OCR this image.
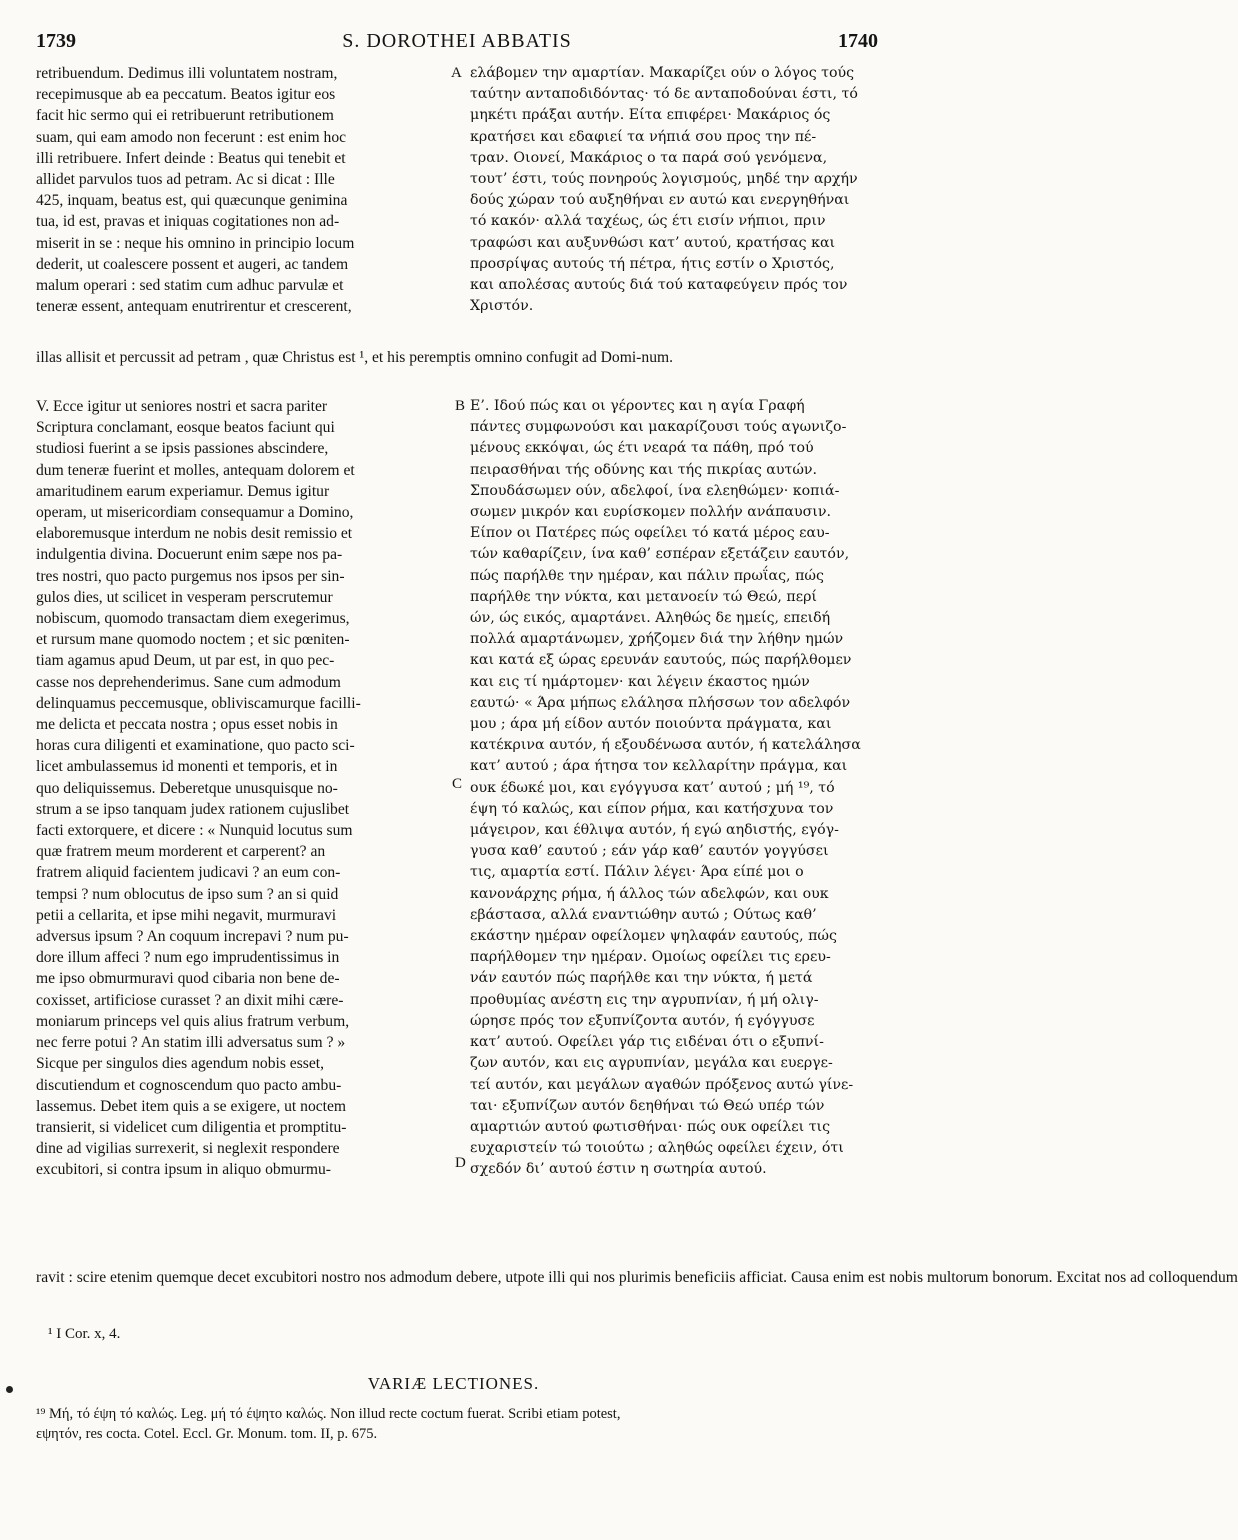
1739	S. DOROTHEI ABBATIS	1740
retribuendum. Dedimus illi voluntatem nostram,
recepimusque ab ea peccatum. Beatos igitur eos
facit hic sermo qui ei retribuerunt retributionem
suam, qui eam amodo non fecerunt : est enim hoc
illi retribuere. Infert deinde : Beatus qui tenebit et
allidet parvulos tuos ad petram. Ac si dicat : Ille
425, inquam, beatus est, qui quæcunque genimina
tua, id est, pravas et iniquas cogitationes non ad-
miserit in se : neque his omnino in principio locum
dederit, ut coalescere possent et augeri, ac tandem
malum operari : sed statim cum adhuc parvulæ et
teneræ essent, antequam enutrirentur et crescerent,
ελάβομεν την αμαρτίαν. Μακαρίζει ούν ο λόγος τούς
ταύτην ανταποδιδόντας· τό δε ανταποδούναι έστι, τό
μηκέτι πράξαι αυτήν. Είτα επιφέρει· Μακάριος ός
κρατήσει και εδαφιεί τα νήπιά σου προς την πέ-
τραν. Οιονεί, Μακάριος ο τα παρά σού γενόμενα,
τουτ’ έστι, τούς πονηρούς λογισμούς, μηδέ την αρχήν
δούς χώραν τού αυξηθήναι εν αυτώ και ενεργηθήναι
τό κακόν· αλλά ταχέως, ώς έτι εισίν νήπιοι, πριν
τραφώσι και αυξυνθώσι κατ’ αυτού, κρατήσας και
προσρίψας αυτούς τή πέτρα, ήτις εστίν ο Χριστός,
και απολέσας αυτούς διά τού καταφεύγειν πρός τον
Χριστόν.
A
illas allisit et percussit ad petram , quæ Christus est ¹, et his peremptis omnino confugit ad Domi-num.
V. Ecce igitur ut seniores nostri et sacra pariter
Scriptura conclamant, eosque beatos faciunt qui
studiosi fuerint a se ipsis passiones abscindere,
dum teneræ fuerint et molles, antequam dolorem et
amaritudinem earum experiamur. Demus igitur
operam, ut misericordiam consequamur a Domino,
elaboremusque interdum ne nobis desit remissio et
indulgentia divina. Docuerunt enim sæpe nos pa-
tres nostri, quo pacto purgemus nos ipsos per sin-
gulos dies, ut scilicet in vesperam perscrutemur
nobiscum, quomodo transactam diem exegerimus,
et rursum mane quomodo noctem ; et sic pœniten-
tiam agamus apud Deum, ut par est, in quo pec-
casse nos deprehenderimus. Sane cum admodum
delinquamus peccemusque, obliviscamurque facilli-
me delicta et peccata nostra ; opus esset nobis in
horas cura diligenti et examinatione, quo pacto sci-
licet ambulassemus id monenti et temporis, et in
quo deliquissemus. Deberetque unusquisque no-
strum a se ipso tanquam judex rationem cujuslibet
facti extorquere, et dicere : « Nunquid locutus sum
quæ fratrem meum morderent et carperent? an
fratrem aliquid facientem judicavi ? an eum con-
tempsi ? num oblocutus de ipso sum ? an si quid
petii a cellarita, et ipse mihi negavit, murmuravi
adversus ipsum ? An coquum increpavi ? num pu-
dore illum affeci ? num ego imprudentissimus in
me ipso obmurmuravi quod cibaria non bene de-
coxisset, artificiose curasset ? an dixit mihi cære-
moniarum princeps vel quis alius fratrum verbum,
nec ferre potui ? An statim illi adversatus sum ? »
Sicque per singulos dies agendum nobis esset,
discutiendum et cognoscendum quo pacto ambu-
lassemus. Debet item quis a se exigere, ut noctem
transierit, si videlicet cum diligentia et promptitu-
dine ad vigilias surrexerit, si neglexit respondere
excubitori, si contra ipsum in aliquo obmurmu-
Ε’. Ιδού πώς και οι γέροντες και η αγία Γραφή
πάντες συμφωνούσι και μακαρίζουσι τούς αγωνιζο-
μένους εκκόψαι, ώς έτι νεαρά τα πάθη, πρό τού
πειρασθήναι τής οδύνης και τής πικρίας αυτών.
Σπουδάσωμεν ούν, αδελφοί, ίνα ελεηθώμεν· κοπιά-
σωμεν μικρόν και ευρίσκομεν πολλήν ανάπαυσιν.
Είπον οι Πατέρες πώς οφείλει τό κατά μέρος εαυ-
τών καθαρίζειν, ίνα καθ’ εσπέραν εξετάζειν εαυτόν,
πώς παρήλθε την ημέραν, και πάλιν πρωΐας, πώς
παρήλθε την νύκτα, και μετανοείν τώ Θεώ, περί
ών, ώς εικός, αμαρτάνει. Αληθώς δε ημείς, επειδή
πολλά αμαρτάνωμεν, χρήζομεν διά την λήθην ημών
και κατά εξ ώρας ερευνάν εαυτούς, πώς παρήλθομεν
και εις τί ημάρτομεν· και λέγειν έκαστος ημών
εαυτώ· « Άρα μήπως ελάλησα πλήσσων τον αδελφόν
μου ; άρα μή είδον αυτόν ποιούντα πράγματα, και
κατέκρινα αυτόν, ή εξουδένωσα αυτόν, ή κατελάλησα
κατ’ αυτού ; άρα ήτησα τον κελλαρίτην πράγμα, και
ουκ έδωκέ μοι, και εγόγγυσα κατ’ αυτού ; μή ¹⁹, τό
έψη τό καλώς, και είπον ρήμα, και κατήσχυνα τον
μάγειρον, και έθλιψα αυτόν, ή εγώ αηδιστής, εγόγ-
γυσα καθ’ εαυτού ; εάν γάρ καθ’ εαυτόν γογγύσει
τις, αμαρτία εστί. Πάλιν λέγει· Άρα είπέ μοι ο
κανονάρχης ρήμα, ή άλλος τών αδελφών, και ουκ
εβάστασα, αλλά εναντιώθην αυτώ ; Ούτως καθ’
εκάστην ημέραν οφείλομεν ψηλαφάν εαυτούς, πώς
παρήλθομεν την ημέραν. Ομοίως οφείλει τις ερευ-
νάν εαυτόν πώς παρήλθε και την νύκτα, ή μετά
προθυμίας ανέστη εις την αγρυπνίαν, ή μή ολιγ-
ώρησε πρός τον εξυπνίζοντα αυτόν, ή εγόγγυσε
κατ’ αυτού. Οφείλει γάρ τις ειδέναι ότι ο εξυπνί-
ζων αυτόν, και εις αγρυπνίαν, μεγάλα και ευεργε-
τεί αυτόν, και μεγάλων αγαθών πρόξενος αυτώ γίνε-
ται· εξυπνίζων αυτόν δεηθήναι τώ Θεώ υπέρ τών
αμαρτιών αυτού φωτισθήναι· πώς ουκ οφείλει τις
ευχαριστείν τώ τοιούτω ; αληθώς οφείλει έχειν, ότι
σχεδόν δι’ αυτού έστιν η σωτηρία αυτού.
B
C
D
ravit : scire etenim quemque decet excubitori nostro nos admodum debere, utpote illi qui nos plurimis beneficiis afficiat. Causa enim est nobis multorum bonorum. Excitat nos ad colloquendum
¹ I Cor. x, 4.
VARIÆ LECTIONES.
¹⁹ Μή, τό έψη τό καλώς. Leg. μή τό έψητο καλώς. Non illud recte coctum fuerat. Scribi etiam potest,
εψητόν, res cocta. Cotel. Eccl. Gr. Monum. tom. II, p. 675.
